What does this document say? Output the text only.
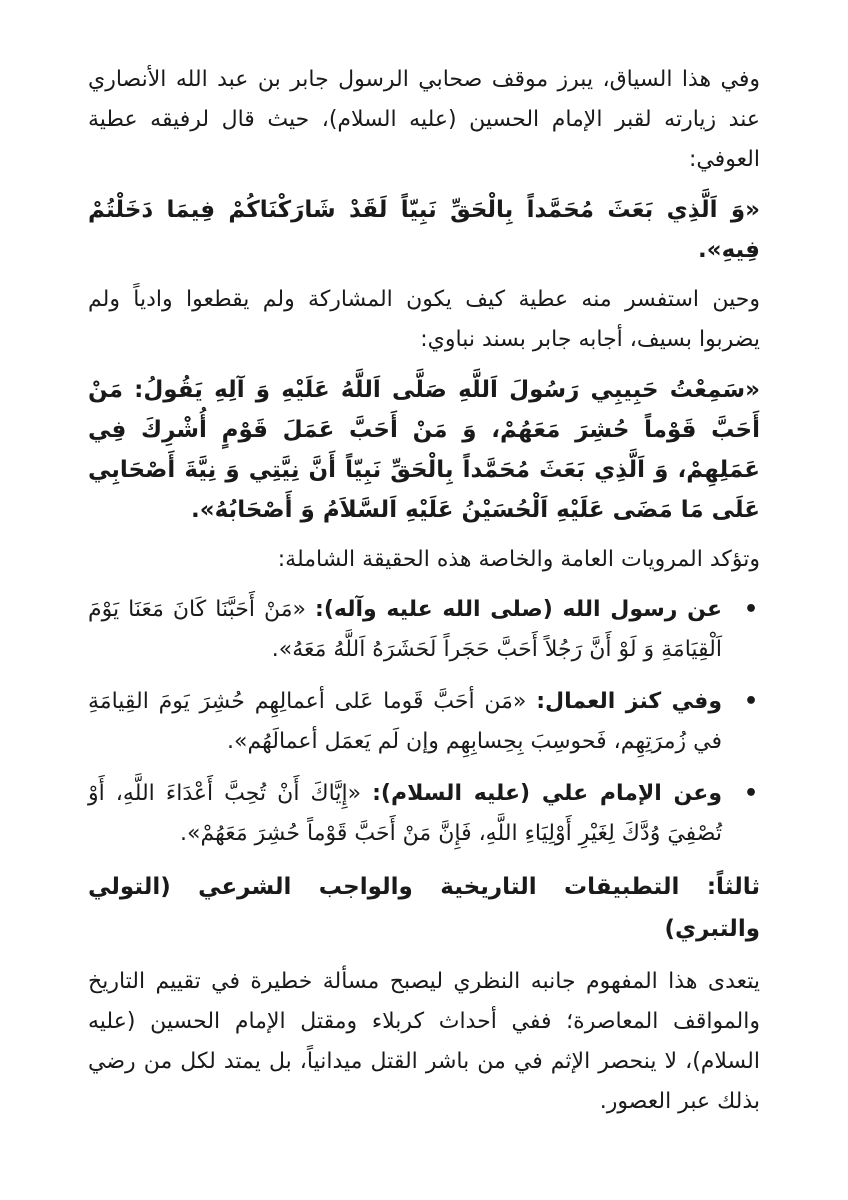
وفي هذا السياق، يبرز موقف صحابي الرسول جابر بن عبد الله الأنصاري عند زيارته لقبر الإمام الحسين (عليه السلام)، حيث قال لرفيقه عطية العوفي:

«وَ اَلَّذِي بَعَثَ مُحَمَّداً بِالْحَقِّ نَبِيّاً لَقَدْ شَارَكْنَاكُمْ فِيمَا دَخَلْتُمْ فِيهِ».

وحين استفسر منه عطية كيف يكون المشاركة ولم يقطعوا وادياً ولم يضربوا بسيف، أجابه جابر بسند نباوي:

«سَمِعْتُ حَبِيبِي رَسُولَ اَللَّهِ صَلَّى اَللَّهُ عَلَيْهِ وَ آلِهِ يَقُولُ: مَنْ أَحَبَّ قَوْماً حُشِرَ مَعَهُمْ، وَ مَنْ أَحَبَّ عَمَلَ قَوْمٍ أُشْرِكَ فِي عَمَلِهِمْ، وَ اَلَّذِي بَعَثَ مُحَمَّداً بِالْحَقِّ نَبِيّاً أَنَّ نِيَّتِي وَ نِيَّةَ أَصْحَابِي عَلَى مَا مَضَى عَلَيْهِ اَلْحُسَيْنُ عَلَيْهِ اَلسَّلاَمُ وَ أَصْحَابُهُ».

وتؤكد المرويات العامة والخاصة هذه الحقيقة الشاملة:

•
عن رسول الله (صلى الله عليه وآله): «مَنْ أَحَبَّنَا كَانَ مَعَنَا يَوْمَ اَلْقِيَامَةِ وَ لَوْ أَنَّ رَجُلاً أَحَبَّ حَجَراً لَحَشَرَهُ اَللَّهُ مَعَهُ».
•
وفي كنز العمال: «مَن أحَبَّ قَوما عَلى أعمالِهِم حُشِرَ يَومَ القِيامَةِ في زُمرَتِهِم، فَحوسِبَ بِحِسابِهِم وإن لَم يَعمَل أعمالَهُم».
•
وعن الإمام علي (عليه السلام): «إِيَّاكَ أَنْ تُحِبَّ أَعْدَاءَ اللَّهِ، أَوْ تُصْفِيَ وُدَّكَ لِغَيْرِ أَوْلِيَاءِ اللَّهِ، فَإِنَّ مَنْ أَحَبَّ قَوْماً حُشِرَ مَعَهُمْ».
ثالثاً: التطبيقات التاريخية والواجب الشرعي (التولي والتبري)

يتعدى هذا المفهوم جانبه النظري ليصبح مسألة خطيرة في تقييم التاريخ والمواقف المعاصرة؛ ففي أحداث كربلاء ومقتل الإمام الحسين (عليه السلام)، لا ينحصر الإثم في من باشر القتل ميدانياً، بل يمتد لكل من رضي بذلك عبر العصور.
